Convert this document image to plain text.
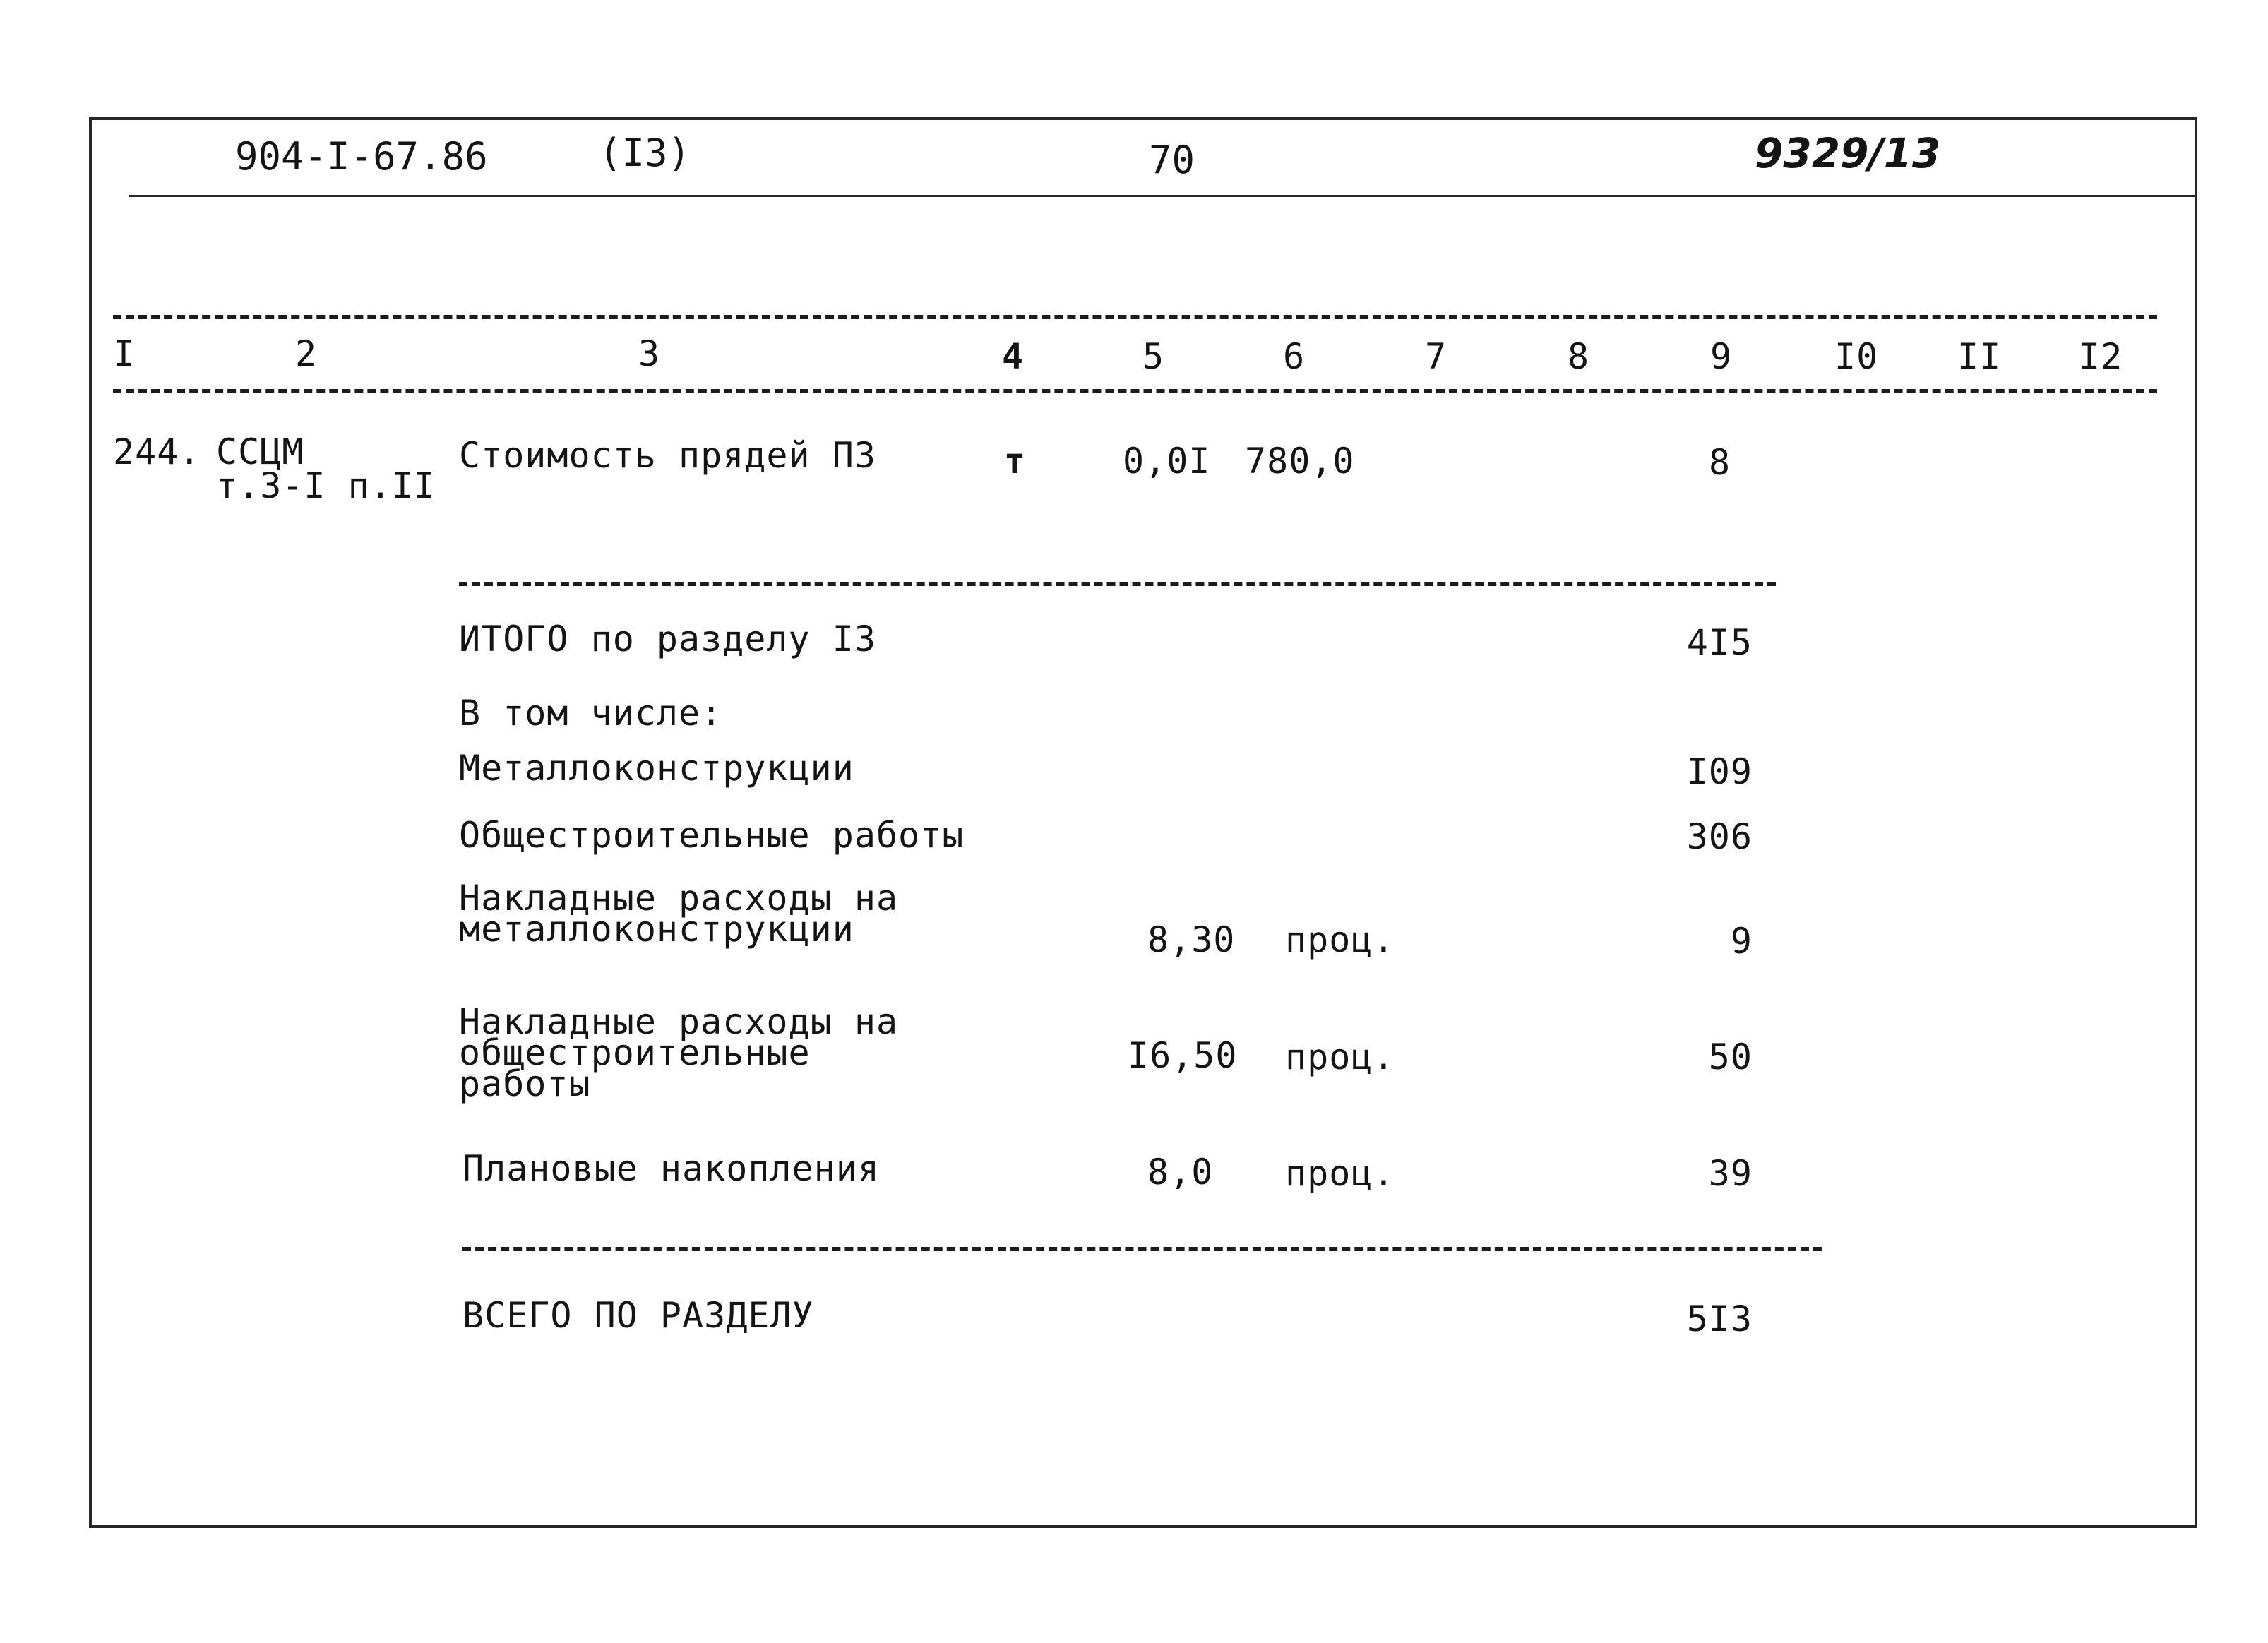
904-I-67.86	(I3)	70	9329/13
I	2	3	4	5	6	7	8	9	I0 II I2
244. ССЦМ
т.3-I п.II
Стоимость прядей ПЗ	т	0,0I 780,0	8
ИТОГО по разделу I3	4I5
В том числе:
Металлоконструкции	I09
Общестроительные работы	306
Накладные расходы на
металлоконструкции	8,30 проц.	9
Накладные расходы на
общестроительные
работы
I6,50 проц.	50
Плановые накопления	8,0 проц.	39
ВСЕГО ПО РАЗДЕЛУ	5I3
